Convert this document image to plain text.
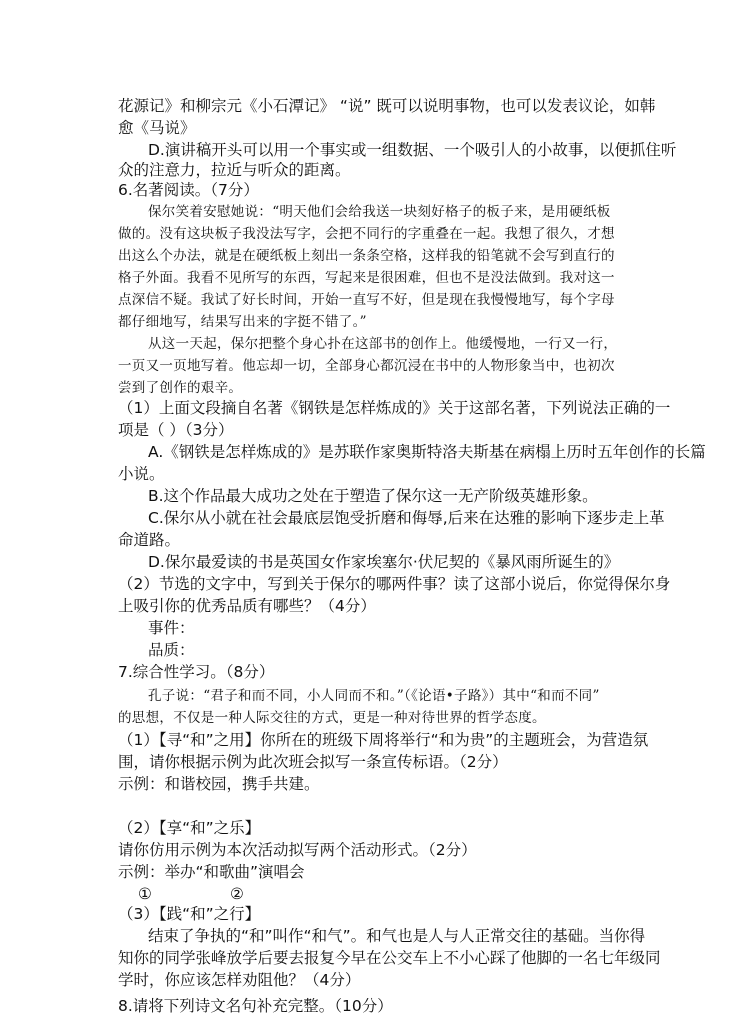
花源记》和柳宗元《小石潭记》 “说” 既可以说明事物，也可以发表议论，如韩
愈《马说》
D.演讲稿开头可以用一个事实或一组数据、一个吸引人的小故事，以便抓住听
众的注意力，拉近与听众的距离。
6.名著阅读。（7分）
保尔笑着安慰她说：“明天他们会给我送一块刻好格子的板子来，是用硬纸板
做的。没有这块板子我没法写字，会把不同行的字重叠在一起。我想了很久，才想
出这么个办法，就是在硬纸板上刻出一条条空格，这样我的铅笔就不会写到直行的
格子外面。我看不见所写的东西，写起来是很困难，但也不是没法做到。我对这一
点深信不疑。我试了好长时间，开始一直写不好，但是现在我慢慢地写，每个字母
都仔细地写，结果写出来的字挺不错了。”
从这一天起，保尔把整个身心扑在这部书的创作上。他缓慢地，一行又一行，
一页又一页地写着。他忘却一切，全部身心都沉浸在书中的人物形象当中，也初次
尝到了创作的艰辛。
（1）上面文段摘自名著《钢铁是怎样炼成的》关于这部名著，下列说法正确的一
项是（ ）（3分）
A.《钢铁是怎样炼成的》是苏联作家奥斯特洛夫斯基在病榻上历时五年创作的长篇
小说。
B.这个作品最大成功之处在于塑造了保尔这一无产阶级英雄形象。
C.保尔从小就在社会最底层饱受折磨和侮辱,后来在达雅的影响下逐步走上革
命道路。
D.保尔最爱读的书是英国女作家埃塞尔·伏尼契的《暴风雨所诞生的》
（2）节选的文字中，写到关于保尔的哪两件事？读了这部小说后，你觉得保尔身
上吸引你的优秀品质有哪些？（4分）
事件：
品质：
7.综合性学习。（8分）
孔子说：“君子和而不同，小人同而不和。”（《论语•子路》）其中“和而不同”
的思想，不仅是一种人际交往的方式，更是一种对待世界的哲学态度。
（1）【寻“和”之用】你所在的班级下周将举行“和为贵”的主题班会，为营造氛
围，请你根据示例为此次班会拟写一条宣传标语。（2分）
示例：和谐校园，携手共建。
（2）【享“和”之乐】
请你仿用示例为本次活动拟写两个活动形式。（2分）
示例：举办“和歌曲”演唱会
①	②
（3）【践“和”之行】
结束了争执的“和”叫作“和气”。和气也是人与人正常交往的基础。当你得
知你的同学张峰放学后要去报复今早在公交车上不小心踩了他脚的一名七年级同
学时，你应该怎样劝阻他？（4分）
8.请将下列诗文名句补充完整。（10分）
